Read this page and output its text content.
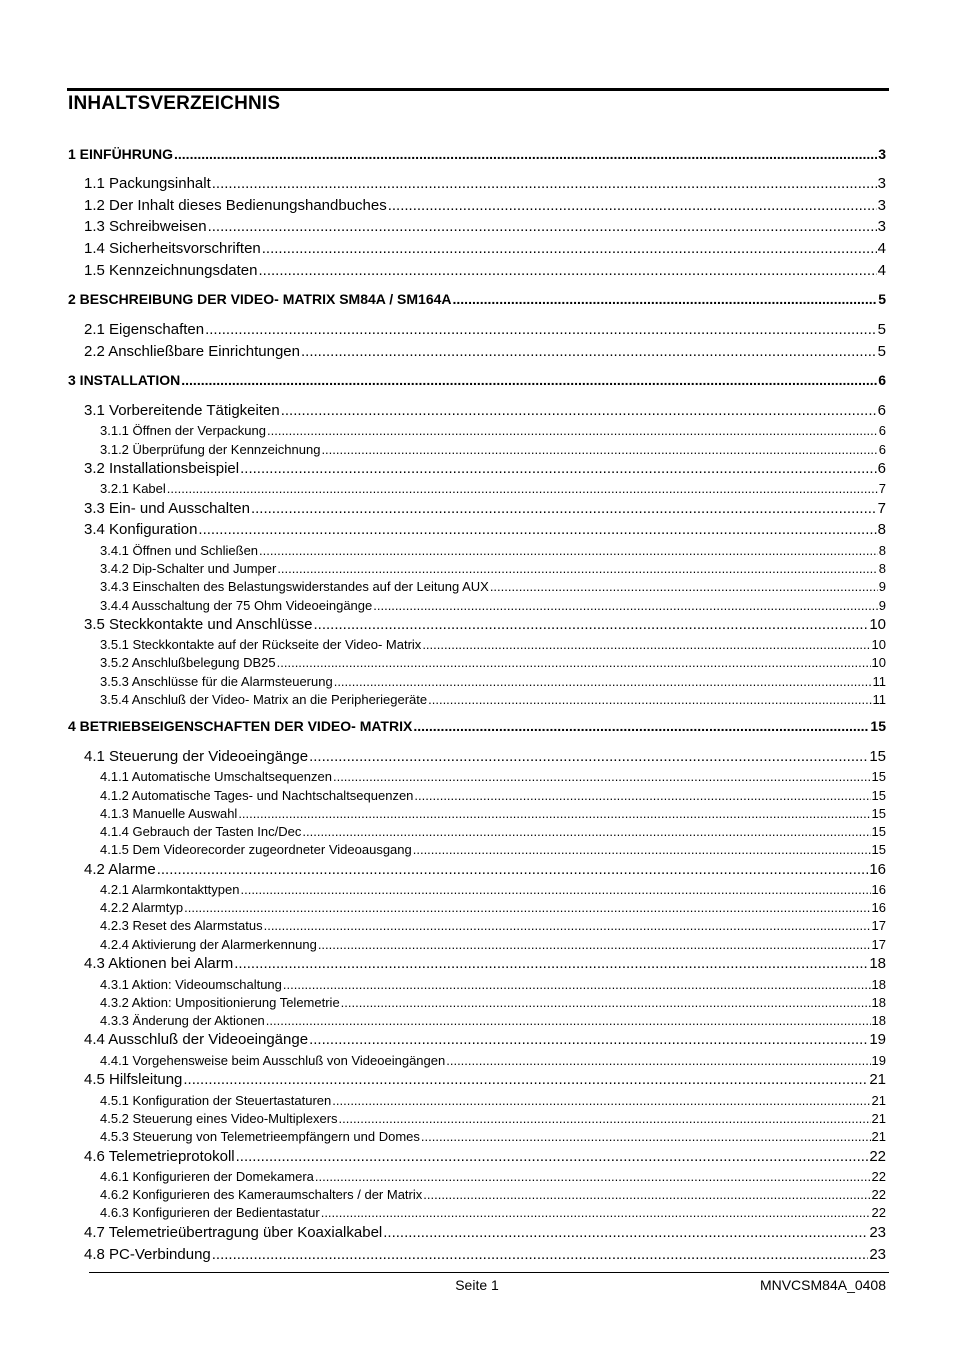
INHALTSVERZEICHNIS
1 EINFÜHRUNG .....	3
1.1 Packungsinhalt .....	3
1.2 Der Inhalt dieses Bedienungshandbuches .....	3
1.3 Schreibweisen .....	3
1.4 Sicherheitsvorschriften .....	4
1.5 Kennzeichnungsdaten .....	4
2 BESCHREIBUNG DER VIDEO- MATRIX SM84A / SM164A .....	5
2.1 Eigenschaften .....	5
2.2 Anschließbare Einrichtungen .....	5
3 INSTALLATION .....	6
3.1 Vorbereitende Tätigkeiten .....	6
3.1.1 Öffnen der Verpackung .....	6
3.1.2 Überprüfung der Kennzeichnung .....	6
3.2 Installationsbeispiel .....	6
3.2.1 Kabel .....	7
3.3 Ein- und Ausschalten .....	7
3.4 Konfiguration .....	8
3.4.1 Öffnen und Schließen .....	8
3.4.2 Dip-Schalter und Jumper .....	8
3.4.3 Einschalten des Belastungswiderstandes auf der Leitung AUX .....	9
3.4.4 Ausschaltung der 75 Ohm Videoeingänge .....	9
3.5 Steckkontakte und Anschlüsse .....	10
3.5.1 Steckkontakte auf der Rückseite der Video- Matrix .....	10
3.5.2 Anschlußbelegung DB25 .....	10
3.5.3 Anschlüsse für die Alarmsteuerung .....	11
3.5.4 Anschluß der Video- Matrix an die Peripheriegeräte .....	11
4 BETRIEBSEIGENSCHAFTEN DER VIDEO- MATRIX .....	15
4.1 Steuerung der Videoeingänge .....	15
4.1.1 Automatische Umschaltsequenzen .....	15
4.1.2 Automatische Tages- und Nachtschaltsequenzen .....	15
4.1.3 Manuelle Auswahl .....	15
4.1.4 Gebrauch der Tasten Inc/Dec .....	15
4.1.5 Dem Videorecorder zugeordneter Videoausgang .....	15
4.2 Alarme .....	16
4.2.1 Alarmkontakttypen .....	16
4.2.2 Alarmtyp .....	16
4.2.3 Reset des Alarmstatus .....	17
4.2.4 Aktivierung der Alarmerkennung .....	17
4.3 Aktionen bei Alarm .....	18
4.3.1 Aktion: Videoumschaltung .....	18
4.3.2 Aktion: Umpositionierung Telemetrie .....	18
4.3.3 Änderung der Aktionen .....	18
4.4 Ausschluß der Videoeingänge .....	19
4.4.1 Vorgehensweise beim Ausschluß von Videoeingängen .....	19
4.5 Hilfsleitung .....	21
4.5.1 Konfiguration der Steuertastaturen .....	21
4.5.2 Steuerung eines Video-Multiplexers .....	21
4.5.3 Steuerung von Telemetrieempfängern und Domes .....	21
4.6 Telemetrieprotokoll .....	22
4.6.1 Konfigurieren der Domekamera .....	22
4.6.2 Konfigurieren des Kameraumschalters / der Matrix .....	22
4.6.3 Konfigurieren der Bedientastatur .....	22
4.7 Telemetrieübertragung über Koaxialkabel .....	23
4.8 PC-Verbindung .....	23
Seite 1	MNVCSM84A_0408
